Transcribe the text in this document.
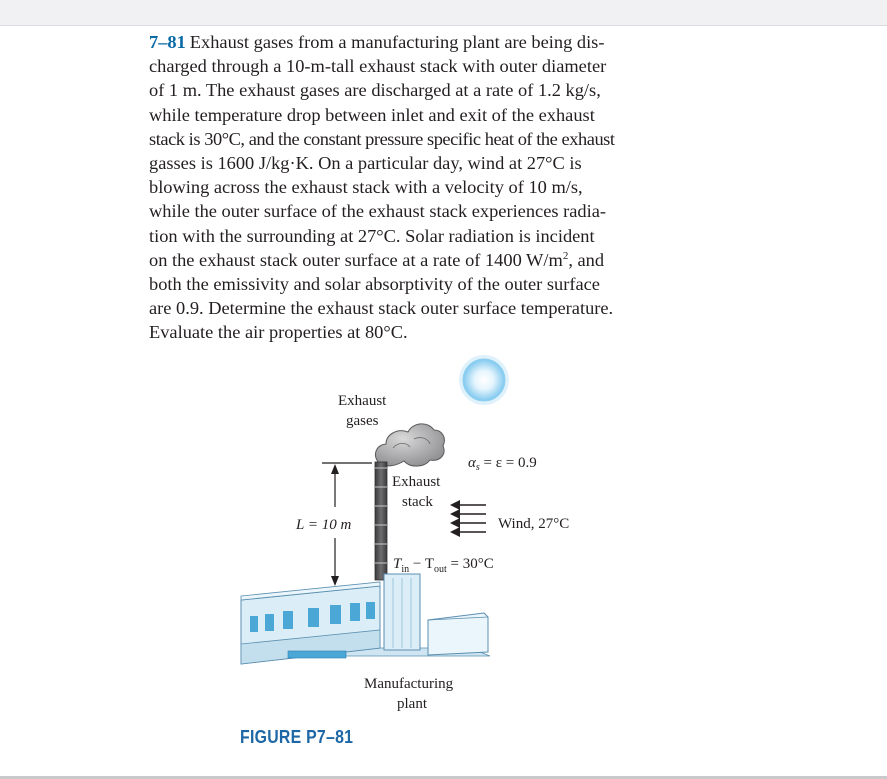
7–81 Exhaust gases from a manufacturing plant are being dis-
charged through a 10-m-tall exhaust stack with outer diameter
of 1 m. The exhaust gases are discharged at a rate of 1.2 kg/s,
while temperature drop between inlet and exit of the exhaust
stack is 30°C, and the constant pressure specific heat of the exhaust
gasses is 1600 J/kg·K. On a particular day, wind at 27°C is
blowing across the exhaust stack with a velocity of 10 m/s,
while the outer surface of the exhaust stack experiences radia-
tion with the surrounding at 27°C. Solar radiation is incident
on the exhaust stack outer surface at a rate of 1400 $W/m^2$, and
both the emissivity and solar absorptivity of the outer surface
are 0.9. Determine the exhaust stack outer surface temperature.
Evaluate the air properties at 80°C.
Exhaust
gases
$\alpha_s = \varepsilon = 0.9$
Exhaust
stack
L = 10 m	Wind, 27°C
$T_{in} - T_{out} = 30^\circ C$
Manufacturing
plant
FIGURE P7–81
